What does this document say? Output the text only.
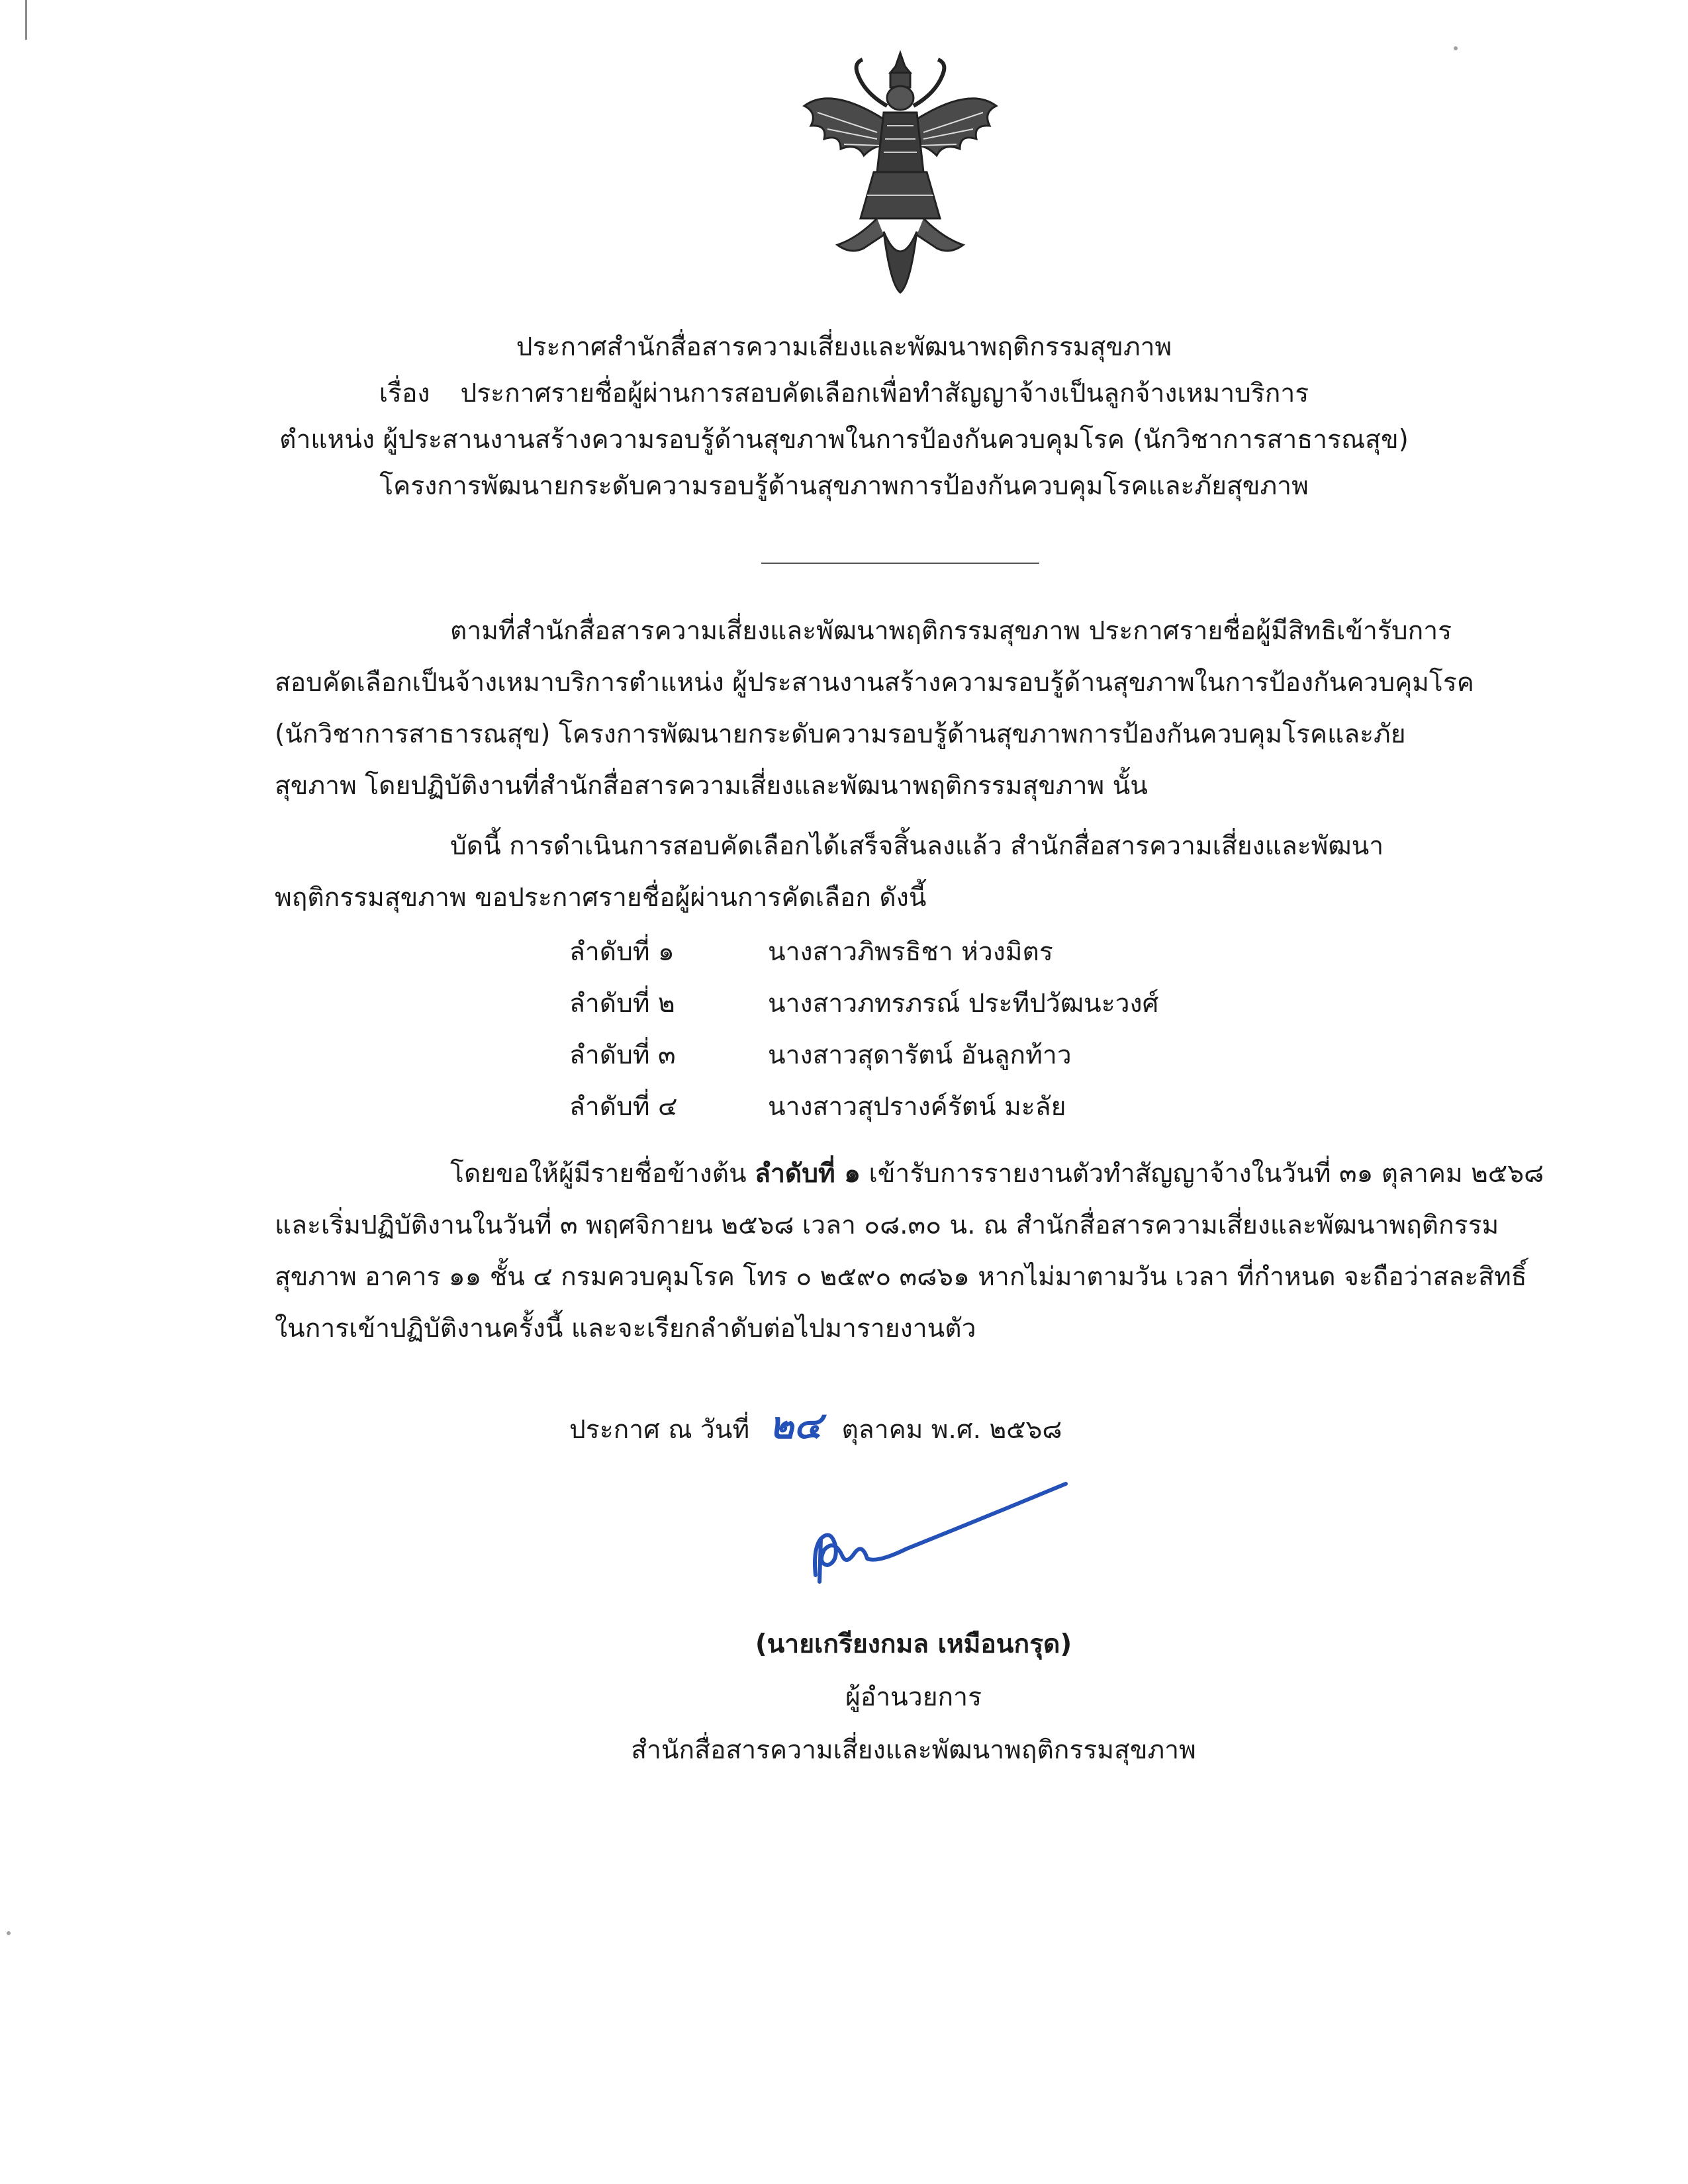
ประกาศสำนักสื่อสารความเสี่ยงและพัฒนาพฤติกรรมสุขภาพ
เรื่อง ประกาศรายชื่อผู้ผ่านการสอบคัดเลือกเพื่อทำสัญญาจ้างเป็นลูกจ้างเหมาบริการ
ตำแหน่ง ผู้ประสานงานสร้างความรอบรู้ด้านสุขภาพในการป้องกันควบคุมโรค (นักวิชาการสาธารณสุข)
โครงการพัฒนายกระดับความรอบรู้ด้านสุขภาพการป้องกันควบคุมโรคและภัยสุขภาพ
ตามที่สำนักสื่อสารความเสี่ยงและพัฒนาพฤติกรรมสุขภาพ ประกาศรายชื่อผู้มีสิทธิเข้ารับการ
สอบคัดเลือกเป็นจ้างเหมาบริการตำแหน่ง ผู้ประสานงานสร้างความรอบรู้ด้านสุขภาพในการป้องกันควบคุมโรค
(นักวิชาการสาธารณสุข) โครงการพัฒนายกระดับความรอบรู้ด้านสุขภาพการป้องกันควบคุมโรคและภัย
สุขภาพ โดยปฏิบัติงานที่สำนักสื่อสารความเสี่ยงและพัฒนาพฤติกรรมสุขภาพ นั้น
บัดนี้ การดำเนินการสอบคัดเลือกได้เสร็จสิ้นลงแล้ว สำนักสื่อสารความเสี่ยงและพัฒนา
พฤติกรรมสุขภาพ ขอประกาศรายชื่อผู้ผ่านการคัดเลือก ดังนี้
ลำดับที่ ๑	นางสาวภิพรธิชา ห่วงมิตร
ลำดับที่ ๒	นางสาวภทรภรณ์ ประทีปวัฒนะวงศ์
ลำดับที่ ๓	นางสาวสุดารัตน์ อันลูกท้าว
ลำดับที่ ๔	นางสาวสุปรางค์รัตน์ มะลัย
โดยขอให้ผู้มีรายชื่อข้างต้น ลำดับที่ ๑ เข้ารับการรายงานตัวทำสัญญาจ้างในวันที่ ๓๑ ตุลาคม ๒๕๖๘
และเริ่มปฏิบัติงานในวันที่ ๓ พฤศจิกายน ๒๕๖๘ เวลา ๐๘.๓๐ น. ณ สำนักสื่อสารความเสี่ยงและพัฒนาพฤติกรรม
สุขภาพ อาคาร ๑๑ ชั้น ๔ กรมควบคุมโรค โทร ๐ ๒๕๙๐ ๓๘๖๑ หากไม่มาตามวัน เวลา ที่กำหนด จะถือว่าสละสิทธิ์
ในการเข้าปฏิบัติงานครั้งนี้ และจะเรียกลำดับต่อไปมารายงานตัว
ประกาศ ณ วันที่ ๒๔ ตุลาคม พ.ศ. ๒๕๖๘
(นายเกรียงกมล เหมือนกรุด)
ผู้อำนวยการ
สำนักสื่อสารความเสี่ยงและพัฒนาพฤติกรรมสุขภาพ
